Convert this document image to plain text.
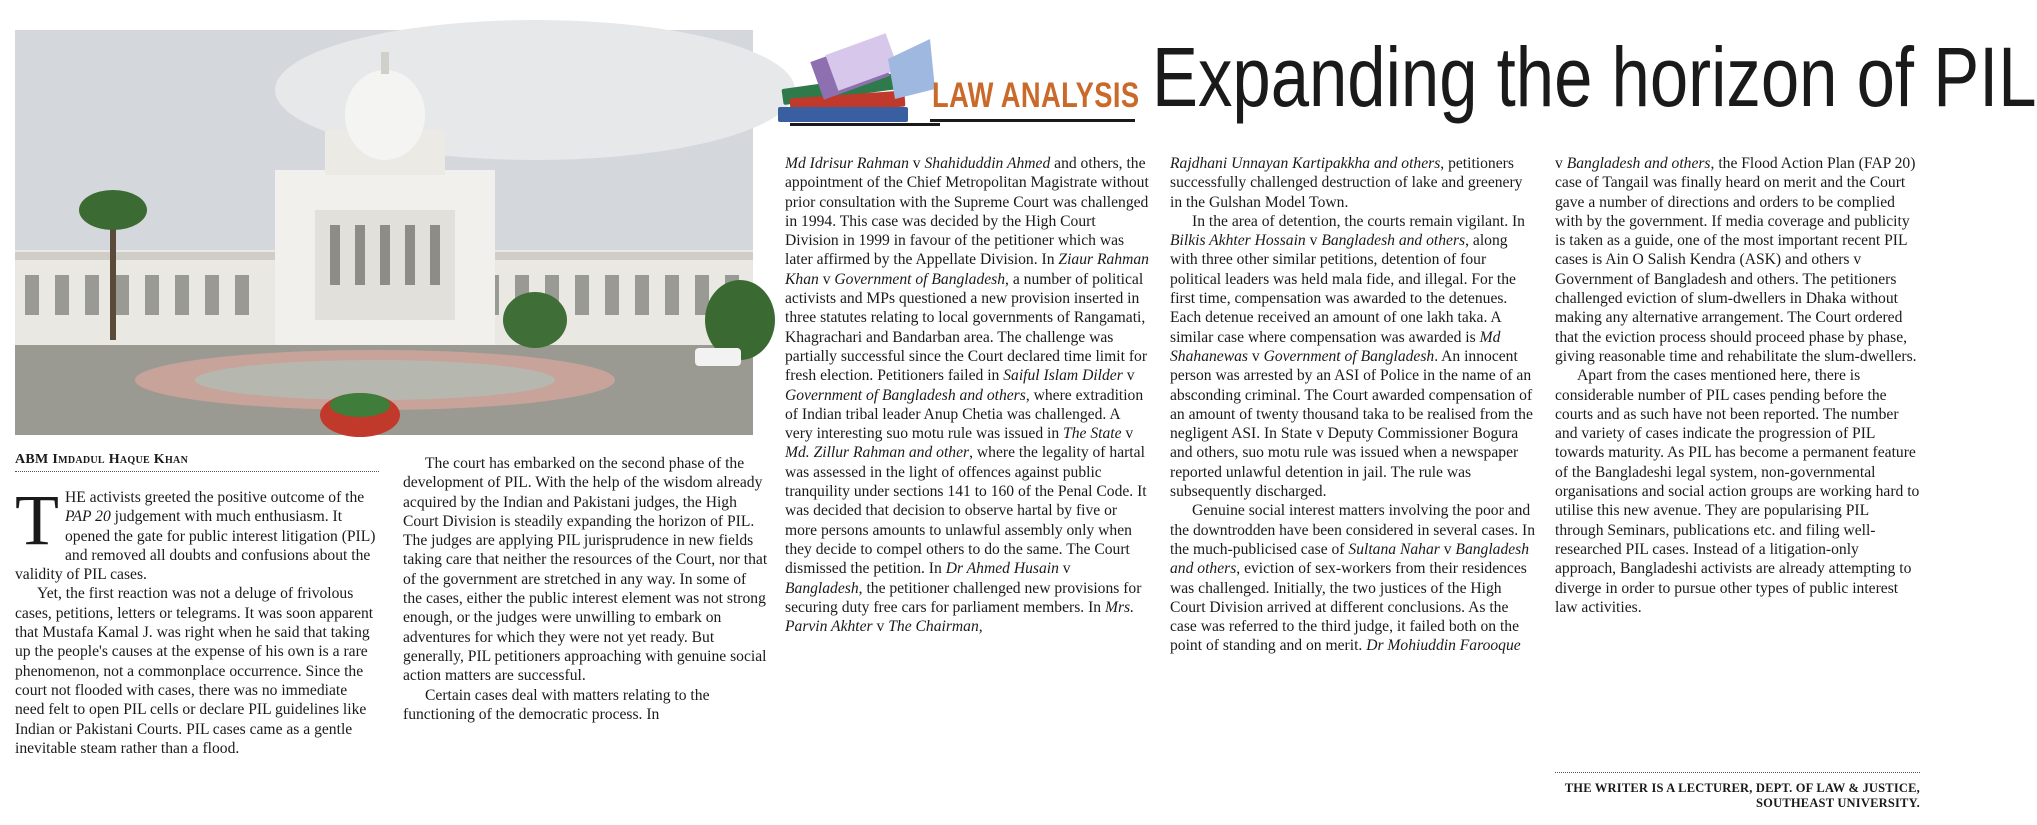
LAW ANALYSIS Expanding the horizon of PIL
ABM Imdadul Haque Khan

THE activists greeted the positive outcome of the PAP 20 judgement with much enthusiasm. It opened the gate for public interest litigation (PIL) and removed all doubts and confusions about the validity of PIL cases.

Yet, the first reaction was not a deluge of frivolous cases, petitions, letters or telegrams. It was soon apparent that Mustafa Kamal J. was right when he said that taking up the people's causes at the expense of his own is a rare phenomenon, not a commonplace occurrence. Since the court not flooded with cases, there was no immediate need felt to open PIL cells or declare PIL guidelines like Indian or Pakistani Courts. PIL cases came as a gentle inevitable steam rather than a flood.

The court has embarked on the second phase of the development of PIL. With the help of the wisdom already acquired by the Indian and Pakistani judges, the High Court Division is steadily expanding the horizon of PIL. The judges are applying PIL jurisprudence in new fields taking care that neither the resources of the Court, nor that of the government are stretched in any way. In some of the cases, either the public interest element was not strong enough, or the judges were unwilling to embark on adventures for which they were not yet ready. But generally, PIL petitioners approaching with genuine social action matters are successful.

Certain cases deal with matters relating to the functioning of the democratic process. In

Md Idrisur Rahman v Shahiduddin Ahmed and others, the appointment of the Chief Metropolitan Magistrate without prior consultation with the Supreme Court was challenged in 1994. This case was decided by the High Court Division in 1999 in favour of the petitioner which was later affirmed by the Appellate Division. In Ziaur Rahman Khan v Government of Bangladesh, a number of political activists and MPs questioned a new provision inserted in three statutes relating to local governments of Rangamati, Khagrachari and Bandarban area. The challenge was partially successful since the Court declared time limit for fresh election. Petitioners failed in Saiful Islam Dilder v Government of Bangladesh and others, where extradition of Indian tribal leader Anup Chetia was challenged. A very interesting suo motu rule was issued in The State v Md. Zillur Rahman and other, where the legality of hartal was assessed in the light of offences against public tranquility under sections 141 to 160 of the Penal Code. It was decided that decision to observe hartal by five or more persons amounts to unlawful assembly only when they decide to compel others to do the same. The Court dismissed the petition. In Dr Ahmed Husain v Bangladesh, the petitioner challenged new provisions for securing duty free cars for parliament members. In Mrs. Parvin Akhter v The Chairman,

Rajdhani Unnayan Kartipakkha and others, petitioners successfully challenged destruction of lake and greenery in the Gulshan Model Town.

In the area of detention, the courts remain vigilant. In Bilkis Akhter Hossain v Bangladesh and others, along with three other similar petitions, detention of four political leaders was held mala fide, and illegal. For the first time, compensation was awarded to the detenues. Each detenue received an amount of one lakh taka. A similar case where compensation was awarded is Md Shahanewas v Government of Bangladesh. An innocent person was arrested by an ASI of Police in the name of an absconding criminal. The Court awarded compensation of an amount of twenty thousand taka to be realised from the negligent ASI. In State v Deputy Commissioner Bogura and others, suo motu rule was issued when a newspaper reported unlawful detention in jail. The rule was subsequently discharged.

Genuine social interest matters involving the poor and the downtrodden have been considered in several cases. In the much-publicised case of Sultana Nahar v Bangladesh and others, eviction of sex-workers from their residences was challenged. Initially, the two justices of the High Court Division arrived at different conclusions. As the case was referred to the third judge, it failed both on the point of standing and on merit. Dr Mohiuddin Farooque

v Bangladesh and others, the Flood Action Plan (FAP 20) case of Tangail was finally heard on merit and the Court gave a number of directions and orders to be complied with by the government. If media coverage and publicity is taken as a guide, one of the most important recent PIL cases is Ain O Salish Kendra (ASK) and others v Government of Bangladesh and others. The petitioners challenged eviction of slum-dwellers in Dhaka without making any alternative arrangement. The Court ordered that the eviction process should proceed phase by phase, giving reasonable time and rehabilitate the slum-dwellers.

Apart from the cases mentioned here, there is considerable number of PIL cases pending before the courts and as such have not been reported. The number and variety of cases indicate the progression of PIL towards maturity. As PIL has become a permanent feature of the Bangladeshi legal system, non-governmental organisations and social action groups are working hard to utilise this new avenue. They are popularising PIL through Seminars, publications etc. and filing well-researched PIL cases. Instead of a litigation-only approach, Bangladeshi activists are already attempting to diverge in order to pursue other types of public interest law activities.

THE WRITER IS A LECTURER, DEPT. OF LAW & JUSTICE, SOUTHEAST UNIVERSITY.
